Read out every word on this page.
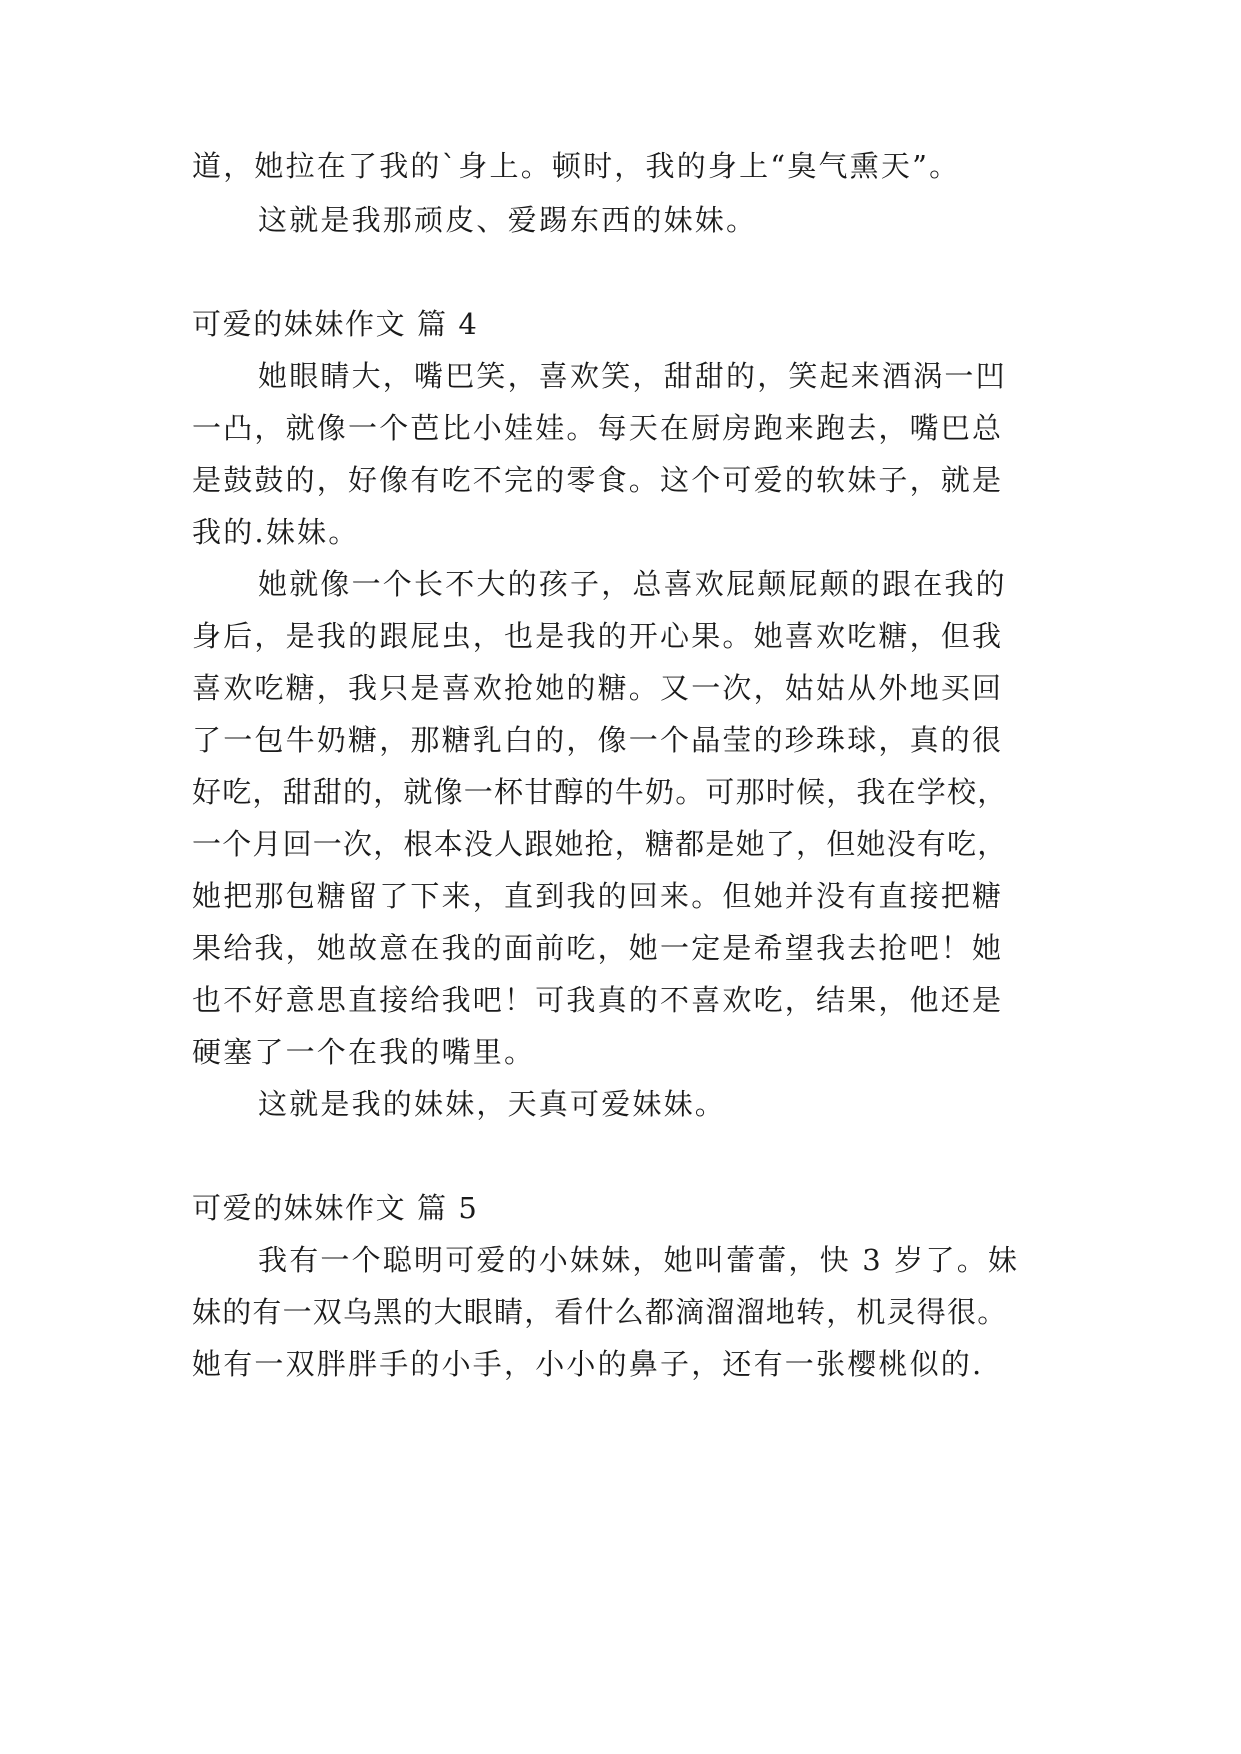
道，她拉在了我的`身上。顿时，我的身上“臭气熏天”。
这就是我那顽皮、爱踢东西的妹妹。
可爱的妹妹作文 篇 4
她眼睛大，嘴巴笑，喜欢笑，甜甜的，笑起来酒涡一凹
一凸，就像一个芭比小娃娃。每天在厨房跑来跑去，嘴巴总
是鼓鼓的，好像有吃不完的零食。这个可爱的软妹子，就是
我的.妹妹。
她就像一个长不大的孩子，总喜欢屁颠屁颠的跟在我的
身后，是我的跟屁虫，也是我的开心果。她喜欢吃糖，但我
喜欢吃糖，我只是喜欢抢她的糖。又一次，姑姑从外地买回
了一包牛奶糖，那糖乳白的，像一个晶莹的珍珠球，真的很
好吃，甜甜的，就像一杯甘醇的牛奶。可那时候，我在学校，
一个月回一次，根本没人跟她抢，糖都是她了，但她没有吃，
她把那包糖留了下来，直到我的回来。但她并没有直接把糖
果给我，她故意在我的面前吃，她一定是希望我去抢吧！她
也不好意思直接给我吧！可我真的不喜欢吃，结果，他还是
硬塞了一个在我的嘴里。
这就是我的妹妹，天真可爱妹妹。
可爱的妹妹作文 篇 5
我有一个聪明可爱的小妹妹，她叫蕾蕾，快 3 岁了。妹
妹的有一双乌黑的大眼睛，看什么都滴溜溜地转，机灵得很。
她有一双胖胖手的小手，小小的鼻子，还有一张樱桃似的.
